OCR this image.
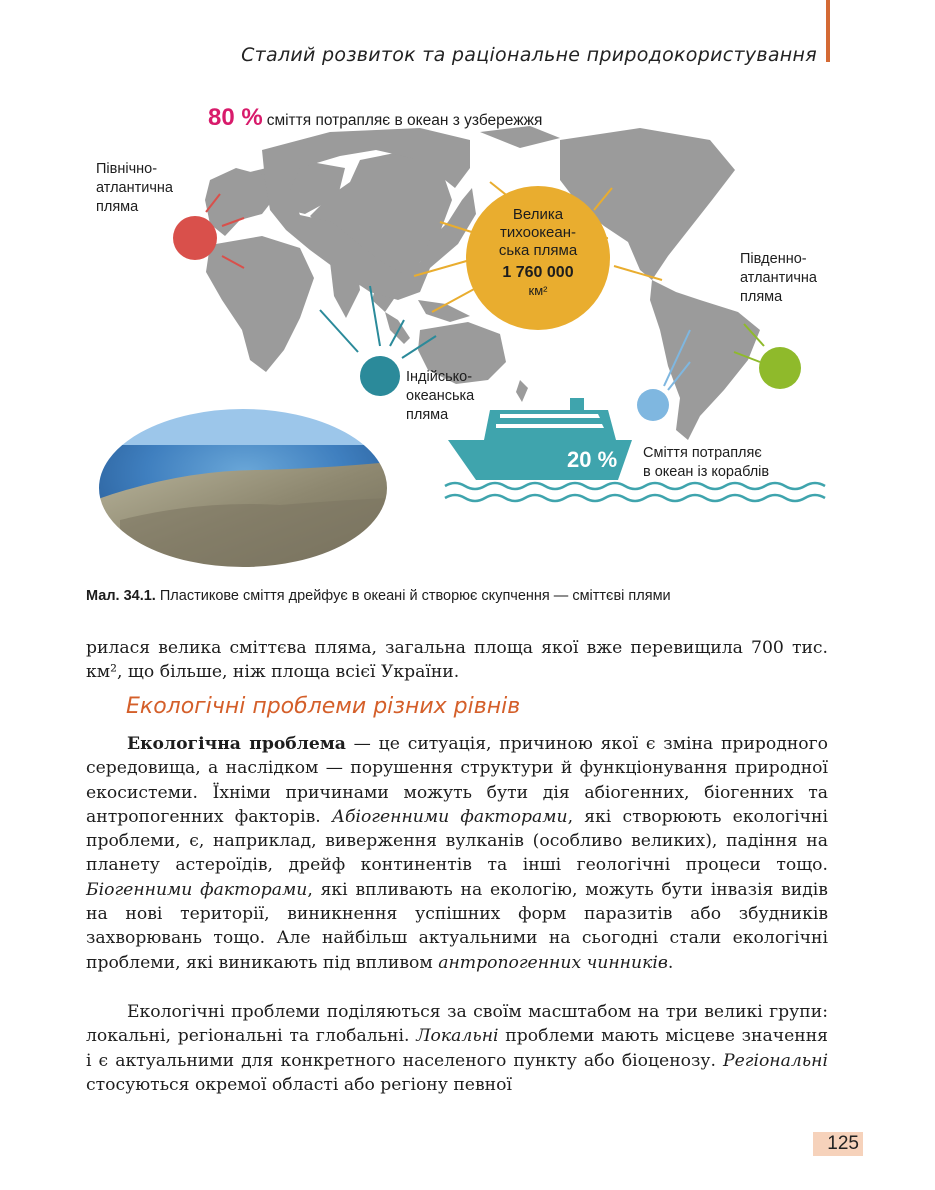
Сталий розвиток та раціональне природокористування
80 % сміття потрапляє в океан з узбережжя
Північно-
атлантична
пляма	Велика
тихоокеан-
ська пляма
1 760 000
км²
Південно-
атлантична
пляма
Індійсько-
океанська
пляма
20 % Сміття потрапляє
в океан із кораблів
Мал. 34.1. Пластикове сміття дрейфує в океані й створює скупчення — сміттєві плями

рилася велика сміттєва пляма, загальна площа якої вже перевищила 700 тис. км², що більше, ніж площа всієї України.

Екологічні проблеми різних рівнів

Екологічна проблема — це ситуація, причиною якої є зміна природного середовища, а наслідком — порушення структури й функціонування природної екосистеми. Їхніми причинами можуть бути дія абіогенних, біогенних та антропогенних факторів. Абіогенними факторами, які створюють екологічні проблеми, є, наприклад, виверження вулканів (особливо великих), падіння на планету астероїдів, дрейф континентів та інші геологічні процеси тощо. Біогенними факторами, які впливають на екологію, можуть бути інвазія видів на нові території, виникнення успішних форм паразитів або збудників захворювань тощо. Але найбільш актуальними на сьогодні стали екологічні проблеми, які виникають під впливом антропогенних чинників.

Екологічні проблеми поділяються за своїм масштабом на три великі групи: локальні, регіональні та глобальні. Локальні проблеми мають місцеве значення і є актуальними для конкретного населеного пункту або біоценозу. Регіональні стосуються окремої області або регіону певної

125
